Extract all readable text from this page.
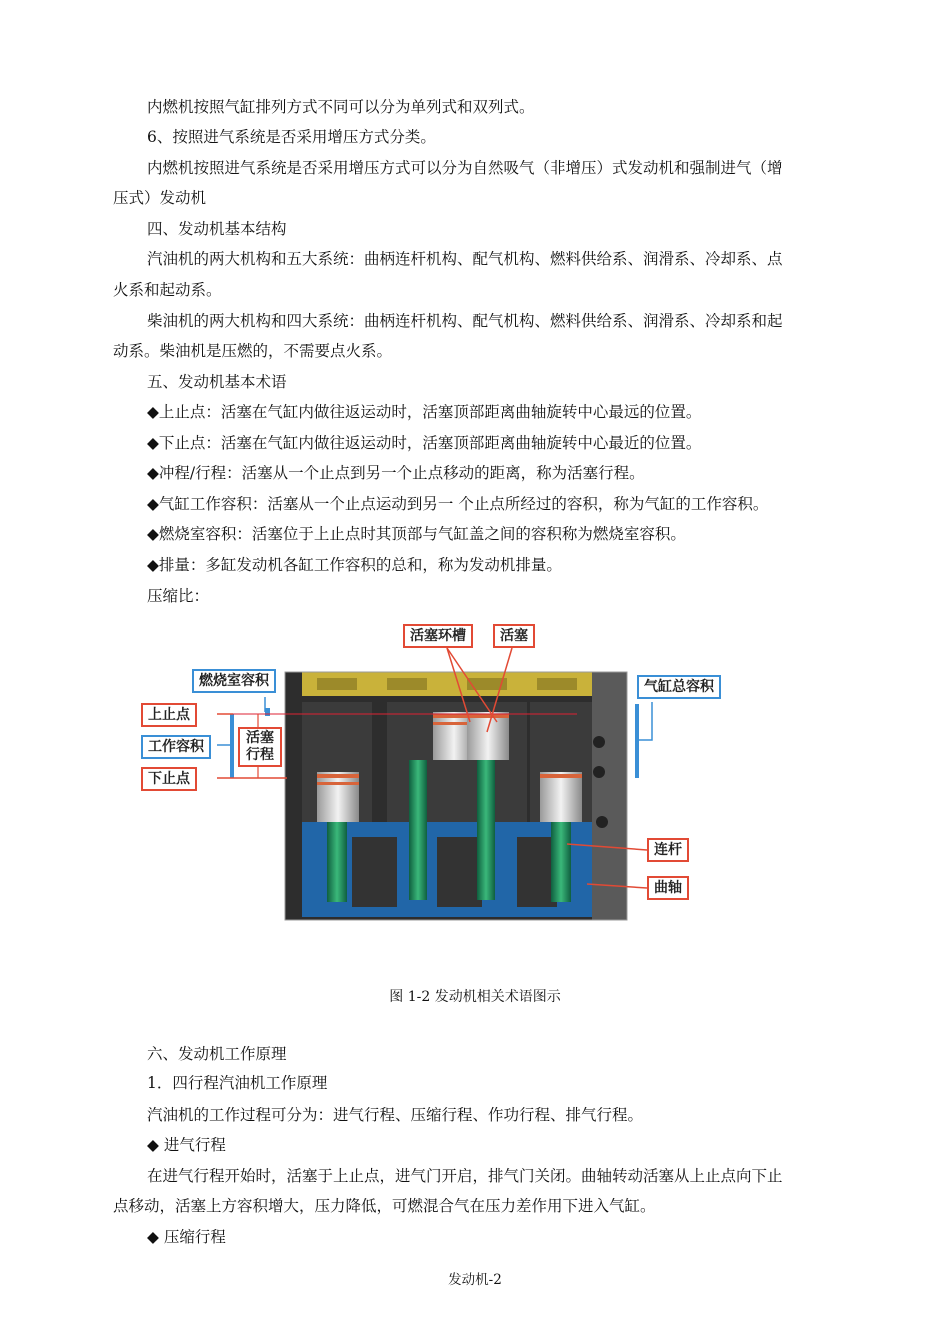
内燃机按照气缸排列方式不同可以分为单列式和双列式。
6、按照进气系统是否采用增压方式分类。
内燃机按照进气系统是否采用增压方式可以分为自然吸气（非增压）式发动机和强制进气（增
压式）发动机
四、发动机基本结构
汽油机的两大机构和五大系统：曲柄连杆机构、配气机构、燃料供给系、润滑系、冷却系、点
火系和起动系。
柴油机的两大机构和四大系统：曲柄连杆机构、配气机构、燃料供给系、润滑系、冷却系和起
动系。柴油机是压燃的，不需要点火系。
五、发动机基本术语
◆上止点：活塞在气缸内做往返运动时，活塞顶部距离曲轴旋转中心最远的位置。
◆下止点：活塞在气缸内做往返运动时，活塞顶部距离曲轴旋转中心最近的位置。
◆冲程/行程：活塞从一个止点到另一个止点移动的距离，称为活塞行程。
◆气缸工作容积：活塞从一个止点运动到另一 个止点所经过的容积，称为气缸的工作容积。
◆燃烧室容积：活塞位于上止点时其顶部与气缸盖之间的容积称为燃烧室容积。
◆排量：多缸发动机各缸工作容积的总和，称为发动机排量。
压缩比：
活塞环槽	活塞
燃烧室容积	气缸总容积
上止点
工作容积
活塞行程
下止点
连杆
曲轴
图 1-2 发动机相关术语图示
六、发动机工作原理
1．四行程汽油机工作原理
汽油机的工作过程可分为：进气行程、压缩行程、作功行程、排气行程。
◆ 进气行程
在进气行程开始时，活塞于上止点，进气门开启，排气门关闭。曲轴转动活塞从上止点向下止
点移动，活塞上方容积增大，压力降低，可燃混合气在压力差作用下进入气缸。
◆ 压缩行程
发动机-2
